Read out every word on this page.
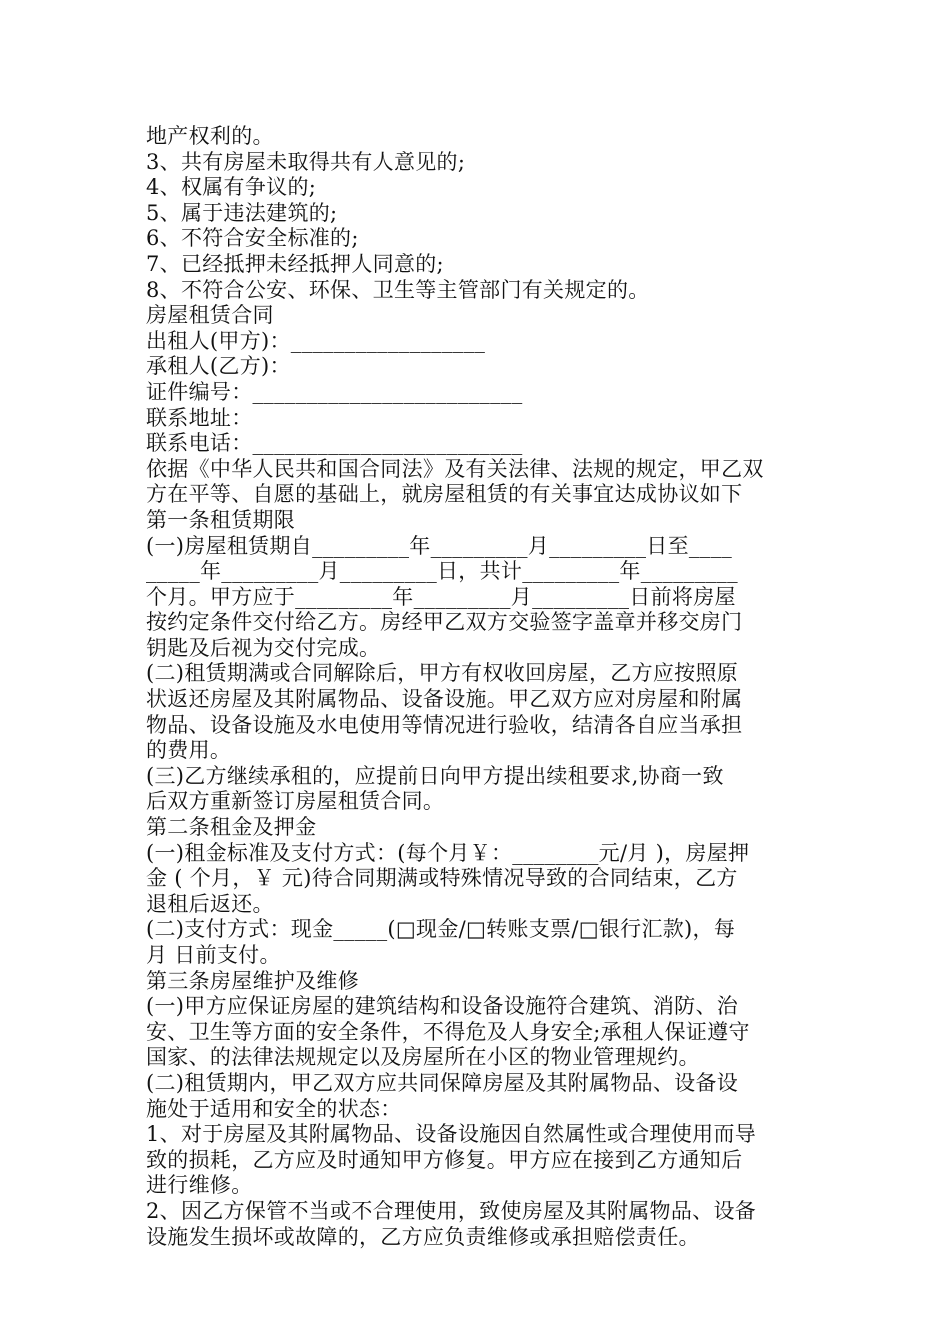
地产权利的。

3、共有房屋未取得共有人意见的;

4、权属有争议的;

5、属于违法建筑的;

6、不符合安全标准的;

7、已经抵押未经抵押人同意的;

8、不符合公安、环保、卫生等主管部门有关规定的。

房屋租赁合同

出租人(甲方)：__________________

承租人(乙方)：

证件编号：_________________________

联系地址：

联系电话：_________________________

依据《中华人民共和国合同法》及有关法律、法规的规定，甲乙双

方在平等、自愿的基础上，就房屋租赁的有关事宜达成协议如下

第一条租赁期限

(一)房屋租赁期自_________年_________月_________日至____

_____年_________月_________日，共计_________年_________

个月。甲方应于_________年_________月_________日前将房屋

按约定条件交付给乙方。房经甲乙双方交验签字盖章并移交房门

钥匙及后视为交付完成。

(二)租赁期满或合同解除后，甲方有权收回房屋，乙方应按照原

状返还房屋及其附属物品、设备设施。甲乙双方应对房屋和附属

物品、设备设施及水电使用等情况进行验收，结清各自应当承担

的费用。

(三)乙方继续承租的，应提前日向甲方提出续租要求,协商一致

后双方重新签订房屋租赁合同。

第二条租金及押金

(一)租金标准及支付方式：(每个月￥：________元/月 )，房屋押

金 ( 个月，￥ 元)待合同期满或特殊情况导致的合同结束，乙方

退租后返还。

(二)支付方式：现金_____(□现金/□转账支票/□银行汇款)，每

月 日前支付。

第三条房屋维护及维修

(一)甲方应保证房屋的建筑结构和设备设施符合建筑、消防、治

安、卫生等方面的安全条件，不得危及人身安全;承租人保证遵守

国家、的法律法规规定以及房屋所在小区的物业管理规约。

(二)租赁期内，甲乙双方应共同保障房屋及其附属物品、设备设

施处于适用和安全的状态：

1、对于房屋及其附属物品、设备设施因自然属性或合理使用而导

致的损耗，乙方应及时通知甲方修复。甲方应在接到乙方通知后

进行维修。

2、因乙方保管不当或不合理使用，致使房屋及其附属物品、设备

设施发生损坏或故障的，乙方应负责维修或承担赔偿责任。
